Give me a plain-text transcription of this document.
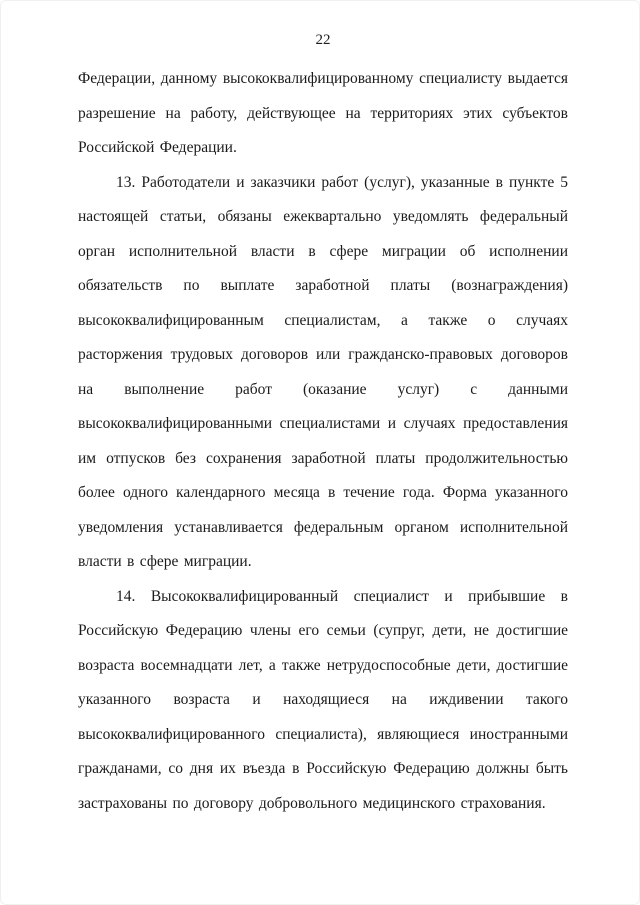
22

Федерации, данному высококвалифицированному специалисту выдается разрешение на работу, действующее на территориях этих субъектов Российской Федерации.

13. Работодатели и заказчики работ (услуг), указанные в пункте 5 настоящей статьи, обязаны ежеквартально уведомлять федеральный орган исполнительной власти в сфере миграции об исполнении обязательств по выплате заработной платы (вознаграждения) высококвалифицированным специалистам, а также о случаях расторжения трудовых договоров или гражданско-правовых договоров на выполнение работ (оказание услуг) с данными высококвалифицированными специалистами и случаях предоставления им отпусков без сохранения заработной платы продолжительностью более одного календарного месяца в течение года. Форма указанного уведомления устанавливается федеральным органом исполнительной власти в сфере миграции.

14. Высококвалифицированный специалист и прибывшие в Российскую Федерацию члены его семьи (супруг, дети, не достигшие возраста восемнадцати лет, а также нетрудоспособные дети, достигшие указанного возраста и находящиеся на иждивении такого высококвалифицированного специалиста), являющиеся иностранными гражданами, со дня их въезда в Российскую Федерацию должны быть застрахованы по договору добровольного медицинского страхования.
